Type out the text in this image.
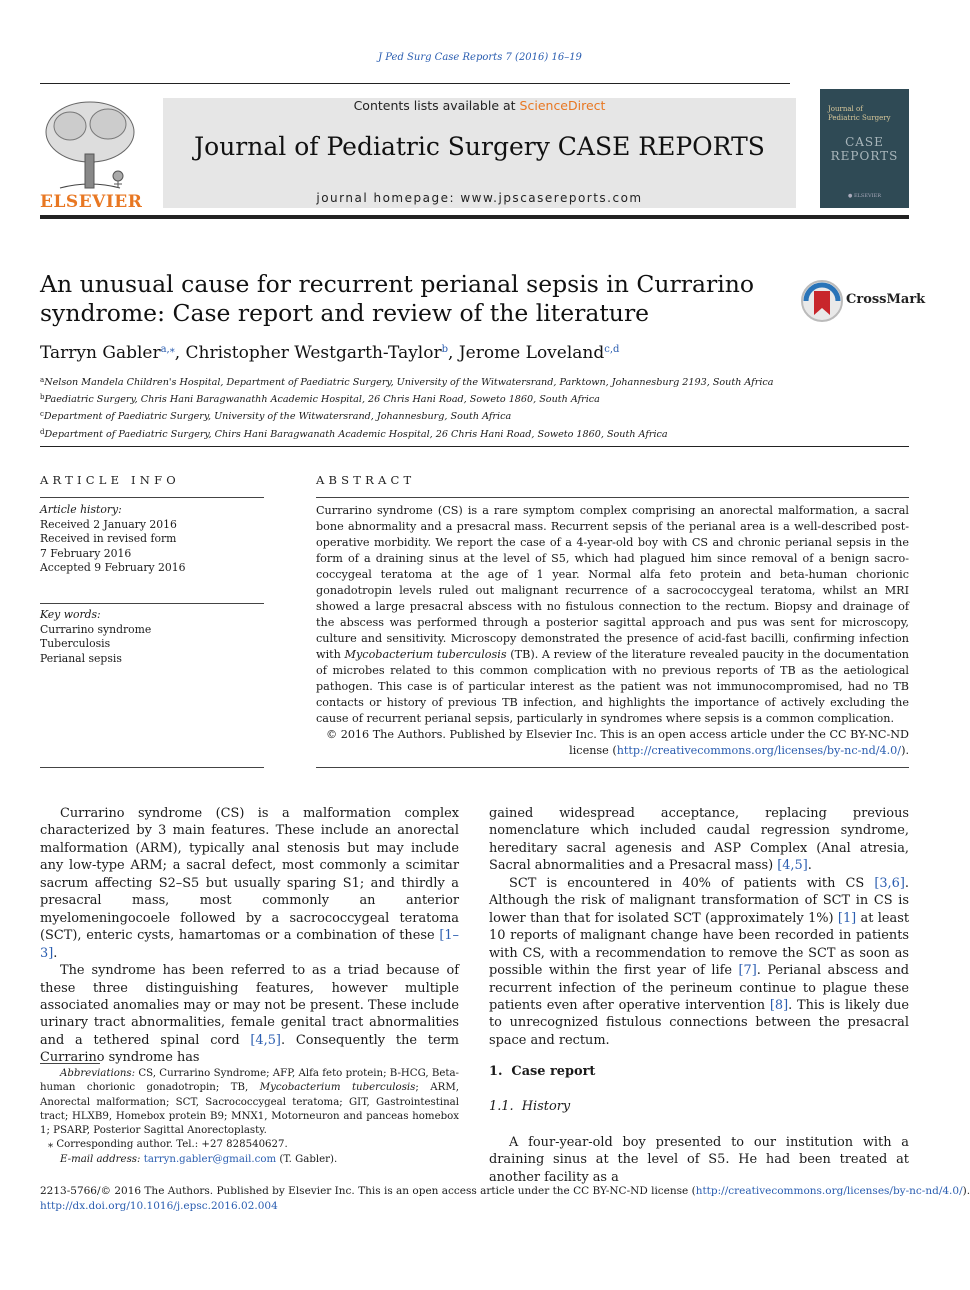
J Ped Surg Case Reports 7 (2016) 16–19
ELSEVIER
Contents lists available at ScienceDirect
Journal of Pediatric Surgery CASE REPORTS
journal homepage: www.jpscasereports.com
Journal of
Pediatric Surgery
CASE
REPORTS
● ELSEVIER
An unusual cause for recurrent perianal sepsis in Currarino syndrome: Case report and review of the literature	CrossMark
Tarryn Gabler$^{a,⁎}$, Christopher Westgarth-Taylor$^b$, Jerome Loveland$^{c,d}$
$^a$Nelson Mandela Children's Hospital, Department of Paediatric Surgery, University of the Witwatersrand, Parktown, Johannesburg 2193, South Africa
$^b$Paediatric Surgery, Chris Hani Baragwanathh Academic Hospital, 26 Chris Hani Road, Soweto 1860, South Africa
$^c$Department of Paediatric Surgery, University of the Witwatersrand, Johannesburg, South Africa
$^d$Department of Paediatric Surgery, Chirs Hani Baragwanath Academic Hospital, 26 Chris Hani Road, Soweto 1860, South Africa
ARTICLE INFO
Article history:
Received 2 January 2016
Received in revised form
7 February 2016
Accepted 9 February 2016
Key words:
Currarino syndrome
Tuberculosis
Perianal sepsis
ABSTRACT
Currarino syndrome (CS) is a rare symptom complex comprising an anorectal malformation, a sacral bone abnormality and a presacral mass. Recurrent sepsis of the perianal area is a well-described post-operative morbidity. We report the case of a 4-year-old boy with CS and chronic perianal sepsis in the form of a draining sinus at the level of S5, which had plagued him since removal of a benign sacro-coccygeal teratoma at the age of 1 year. Normal alfa feto protein and beta-human chorionic gonadotropin levels ruled out malignant recurrence of a sacrococcygeal teratoma, whilst an MRI showed a large presacral abscess with no fistulous connection to the rectum. Biopsy and drainage of the abscess was performed through a posterior sagittal approach and pus was sent for microscopy, culture and sensitivity. Microscopy demonstrated the presence of acid-fast bacilli, confirming infection with Mycobacterium tuberculosis (TB). A review of the literature revealed paucity in the documentation of microbes related to this common complication with no previous reports of TB as the aetiological pathogen. This case is of particular interest as the patient was not immunocompromised, had no TB contacts or history of previous TB infection, and highlights the importance of actively excluding the cause of recurrent perianal sepsis, particularly in syndromes where sepsis is a common complication.
© 2016 The Authors. Published by Elsevier Inc. This is an open access article under the CC BY-NC-ND
license (http://creativecommons.org/licenses/by-nc-nd/4.0/).

Currarino syndrome (CS) is a malformation complex characterized by 3 main features. These include an anorectal malformation (ARM), typically anal stenosis but may include any low-type ARM; a sacral defect, most commonly a scimitar sacrum affecting S2–S5 but usually sparing S1; and thirdly a presacral mass, most commonly an anterior myelomeningocoele followed by a sacrococcygeal teratoma (SCT), enteric cysts, hamartomas or a combination of these [1–3].

The syndrome has been referred to as a triad because of these three distinguishing features, however multiple associated anomalies may or may not be present. These include urinary tract abnormalities, female genital tract abnormalities and a tethered spinal cord [4,5]. Consequently the term Currarino syndrome has

gained widespread acceptance, replacing previous nomenclature which included caudal regression syndrome, hereditary sacral agenesis and ASP Complex (Anal atresia, Sacral abnormalities and a Presacral mass) [4,5].

SCT is encountered in 40% of patients with CS [3,6]. Although the risk of malignant transformation of SCT in CS is lower than that for isolated SCT (approximately 1%) [1] at least 10 reports of malignant change have been recorded in patients with CS, with a recommendation to remove the SCT as soon as possible within the first year of life [7]. Perianal abscess and recurrent infection of the perineum continue to plague these patients even after operative intervention [8]. This is likely due to unrecognized fistulous connections between the presacral space and rectum.

1.  Case report
1.1.  History

A four-year-old boy presented to our institution with a draining sinus at the level of S5. He had been treated at another facility as a

Abbreviations: CS, Currarino Syndrome; AFP, Alfa feto protein; B-HCG, Beta-human chorionic gonadotropin; TB, Mycobacterium tuberculosis; ARM, Anorectal malformation; SCT, Sacrococcygeal teratoma; GIT, Gastrointestinal tract; HLXB9, Homebox protein B9; MNX1, Motorneuron and panceas homebox 1; PSARP, Posterior Sagittal Anorectoplasty.

⁎ Corresponding author. Tel.: +27 828540627.

E-mail address: tarryn.gabler@gmail.com (T. Gabler).

2213-5766/© 2016 The Authors. Published by Elsevier Inc. This is an open access article under the CC BY-NC-ND license (http://creativecommons.org/licenses/by-nc-nd/4.0/).

http://dx.doi.org/10.1016/j.epsc.2016.02.004
